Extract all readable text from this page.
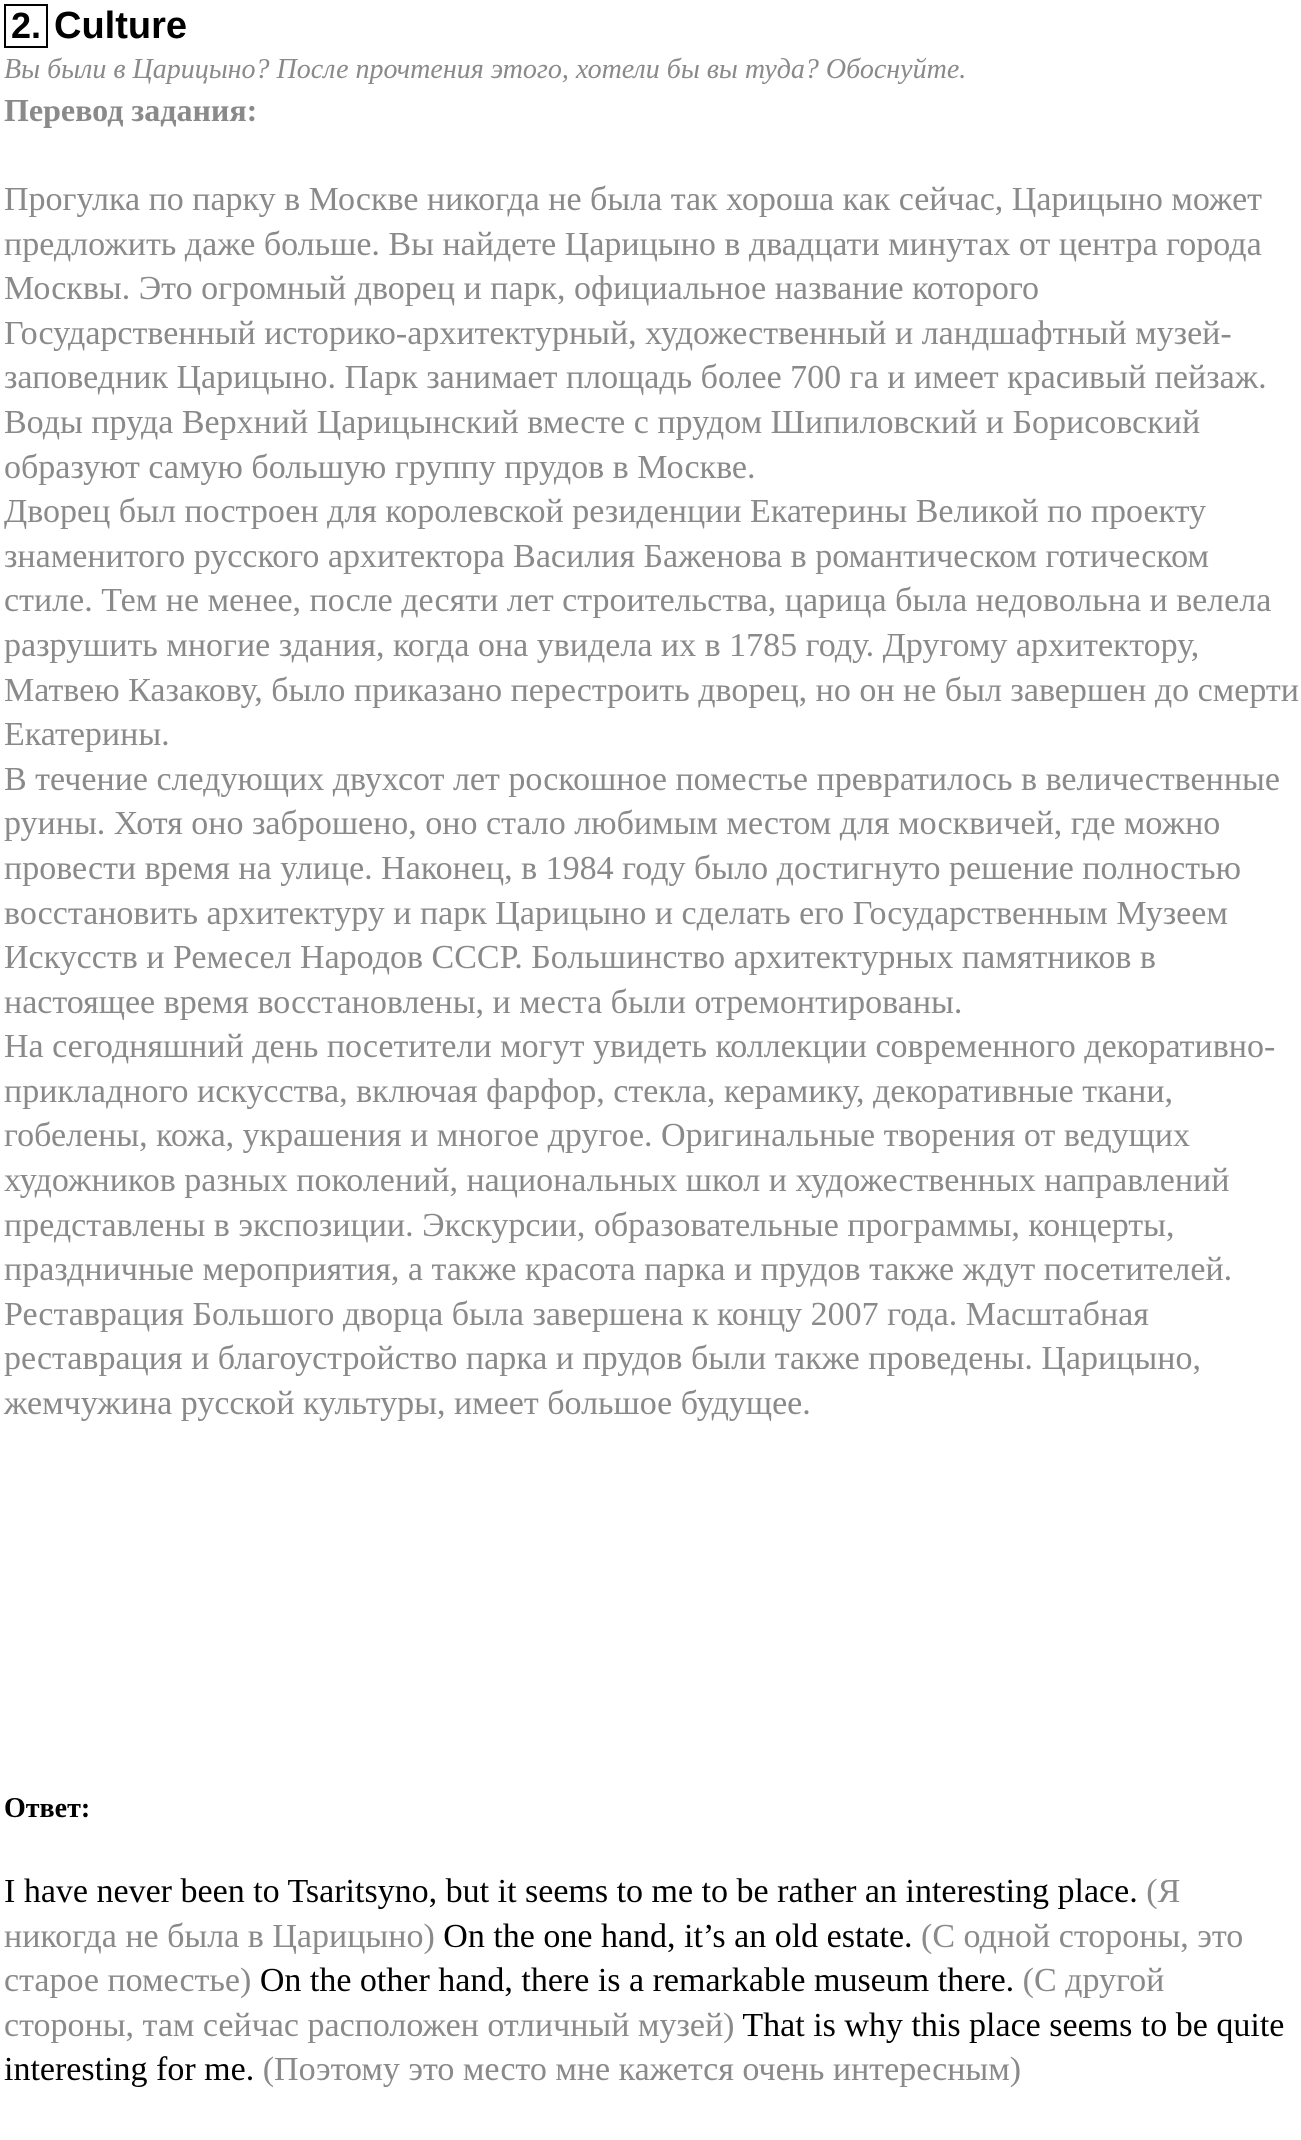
2. Culture
Вы были в Царицыно? После прочтения этого, хотели бы вы туда? Обоснуйте.
Перевод задания:

Прогулка по парку в Москве никогда не была так хороша как сейчас, Царицыно может предложить даже больше. Вы найдете Царицыно в двадцати минутах от центра города Москвы. Это огромный дворец и парк, официальное название которого Государственный историко-архитектурный, художественный и ландшафтный музей-заповедник Царицыно. Парк занимает площадь более 700 га и имеет красивый пейзаж. Воды пруда Верхний Царицынский вместе с прудом Шипиловский и Борисовский образуют самую большую группу прудов в Москве.

Дворец был построен для королевской резиденции Екатерины Великой по проекту знаменитого русского архитектора Василия Баженова в романтическом готическом стиле. Тем не менее, после десяти лет строительства, царица была недовольна и велела разрушить многие здания, когда она увидела их в 1785 году. Другому архитектору, Матвею Казакову, было приказано перестроить дворец, но он не был завершен до смерти Екатерины.

В течение следующих двухсот лет роскошное поместье превратилось в величественные руины. Хотя оно заброшено, оно стало любимым местом для москвичей, где можно провести время на улице. Наконец, в 1984 году было достигнуто решение полностью восстановить архитектуру и парк Царицыно и сделать его Государственным Музеем Искусств и Ремесел Народов СССР. Большинство архитектурных памятников в настоящее время восстановлены, и места были отремонтированы.

На сегодняшний день посетители могут увидеть коллекции современного декоративно-прикладного искусства, включая фарфор, стекла, керамику, декоративные ткани, гобелены, кожа, украшения и многое другое. Оригинальные творения от ведущих художников разных поколений, национальных школ и художественных направлений представлены в экспозиции. Экскурсии, образовательные программы, концерты, праздничные мероприятия, а также красота парка и прудов также ждут посетителей.

Реставрация Большого дворца была завершена к концу 2007 года. Масштабная реставрация и благоустройство парка и прудов были также проведены. Царицыно, жемчужина русской культуры, имеет большое будущее.

Ответ:
I have never been to Tsaritsyno, but it seems to me to be rather an interesting place. (Я никогда не была в Царицыно) On the one hand, it’s an old estate. (С одной стороны, это старое поместье) On the other hand, there is a remarkable museum there. (С другой стороны, там сейчас расположен отличный музей) That is why this place seems to be quite interesting for me. (Поэтому это место мне кажется очень интересным)
